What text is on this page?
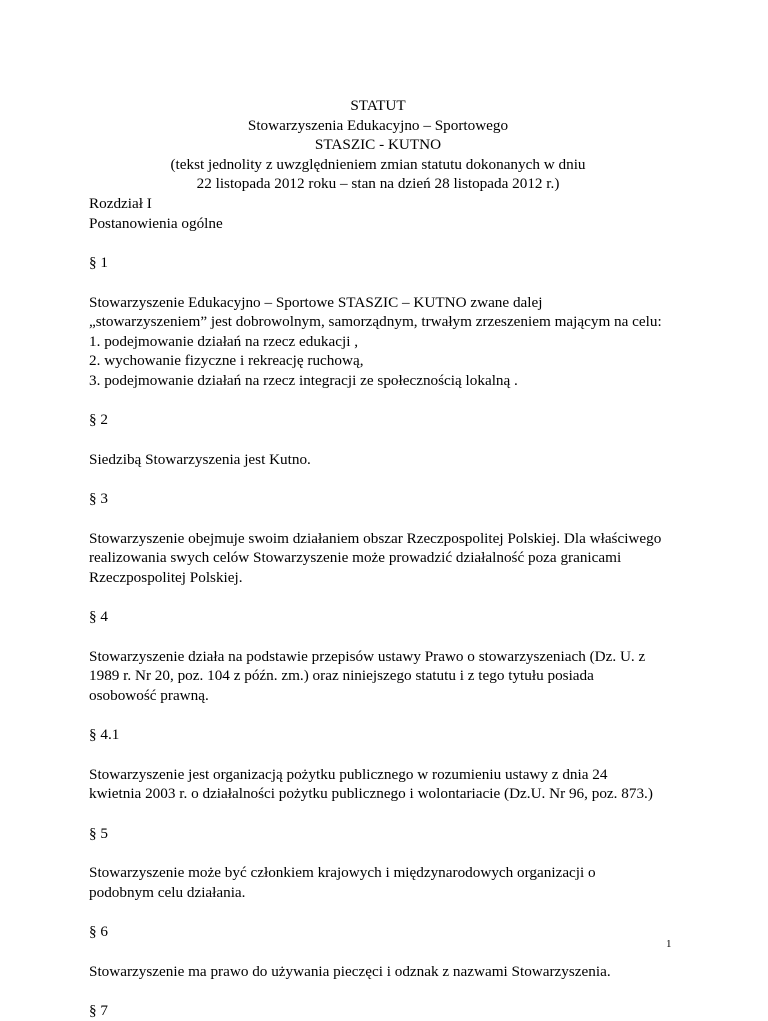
STATUT
Stowarzyszenia Edukacyjno – Sportowego
STASZIC - KUTNO
(tekst jednolity z uwzględnieniem zmian statutu dokonanych w dniu
22 listopada 2012 roku – stan na dzień 28 listopada 2012 r.)
Rozdział I
Postanowienia ogólne
§ 1
Stowarzyszenie Edukacyjno – Sportowe STASZIC – KUTNO zwane dalej
„stowarzyszeniem” jest dobrowolnym, samorządnym, trwałym zrzeszeniem mającym na celu:
1. podejmowanie działań na rzecz edukacji ,
2. wychowanie fizyczne i rekreację ruchową,
3. podejmowanie działań na rzecz integracji ze społecznością lokalną .
§ 2
Siedzibą Stowarzyszenia jest Kutno.
§ 3
Stowarzyszenie obejmuje swoim działaniem obszar Rzeczpospolitej Polskiej. Dla właściwego
realizowania swych celów Stowarzyszenie może prowadzić działalność poza granicami
Rzeczpospolitej Polskiej.
§ 4
Stowarzyszenie działa na podstawie przepisów ustawy Prawo o stowarzyszeniach (Dz. U. z
1989 r. Nr 20, poz. 104 z późn. zm.) oraz niniejszego statutu i z tego tytułu posiada
osobowość prawną.
§ 4.1
Stowarzyszenie jest organizacją pożytku publicznego w rozumieniu ustawy z dnia 24
kwietnia 2003 r. o działalności pożytku publicznego i wolontariacie (Dz.U. Nr 96, poz. 873.)
§ 5
Stowarzyszenie może być członkiem krajowych i międzynarodowych organizacji o
podobnym celu działania.
§ 6
Stowarzyszenie ma prawo do używania pieczęci i odznak z nazwami Stowarzyszenia.
§ 7
1
